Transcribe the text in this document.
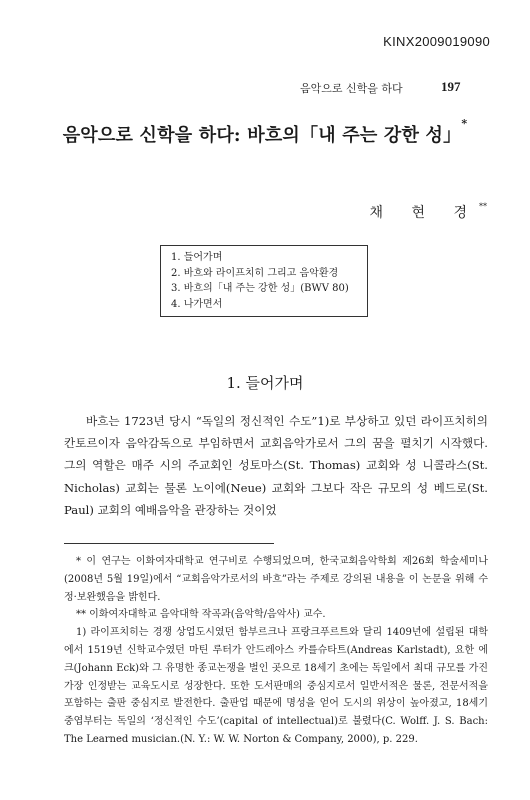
KINX2009019090
음악으로 신학을 하다	197
음악으로 신학을 하다: 바흐의「내 주는 강한 성」*
채 현 경**
1. 들어가며
2. 바흐와 라이프치히 그리고 음악환경
3. 바흐의「내 주는 강한 성」(BWV 80)
4. 나가면서
1. 들어가며

바흐는 1723년 당시 “독일의 정신적인 수도”1)로 부상하고 있던 라이프치히의 칸토르이자 음악감독으로 부임하면서 교회음악가로서 그의 꿈을 펼치기 시작했다. 그의 역할은 매주 시의 주교회인 성토마스(St. Thomas) 교회와 성 니콜라스(St. Nicholas) 교회는 물론 노이에(Neue) 교회와 그보다 작은 규모의 성 베드로(St. Paul) 교회의 예배음악을 관장하는 것이었

* 이 연구는 이화여자대학교 연구비로 수행되었으며, 한국교회음악학회 제26회 학술세미나(2008년 5월 19일)에서 “교회음악가로서의 바흐”라는 주제로 강의된 내용을 이 논문을 위해 수정·보완했음을 밝힌다.

** 이화여자대학교 음악대학 작곡과(음악학/음악사) 교수.

1) 라이프치히는 경쟁 상업도시였던 함부르크나 프랑크푸르트와 달리 1409년에 설립된 대학에서 1519년 신학교수였던 마틴 루터가 안드레아스 카를슈타트(Andreas Karlstadt), 요한 에크(Johann Eck)와 그 유명한 종교논쟁을 벌인 곳으로 18세기 초에는 독일에서 최대 규모를 가진 가장 인정받는 교육도시로 성장한다. 또한 도서판매의 중심지로서 일반서적은 물론, 전문서적을 포함하는 출판 중심지로 발전한다. 출판업 때문에 명성을 얻어 도시의 위상이 높아졌고, 18세기 중엽부터는 독일의 ‘정신적인 수도’(capital of intellectual)로 불렸다(C. Wolff. J. S. Bach: The Learned musician.(N. Y.: W. W. Norton & Company, 2000), p. 229.
